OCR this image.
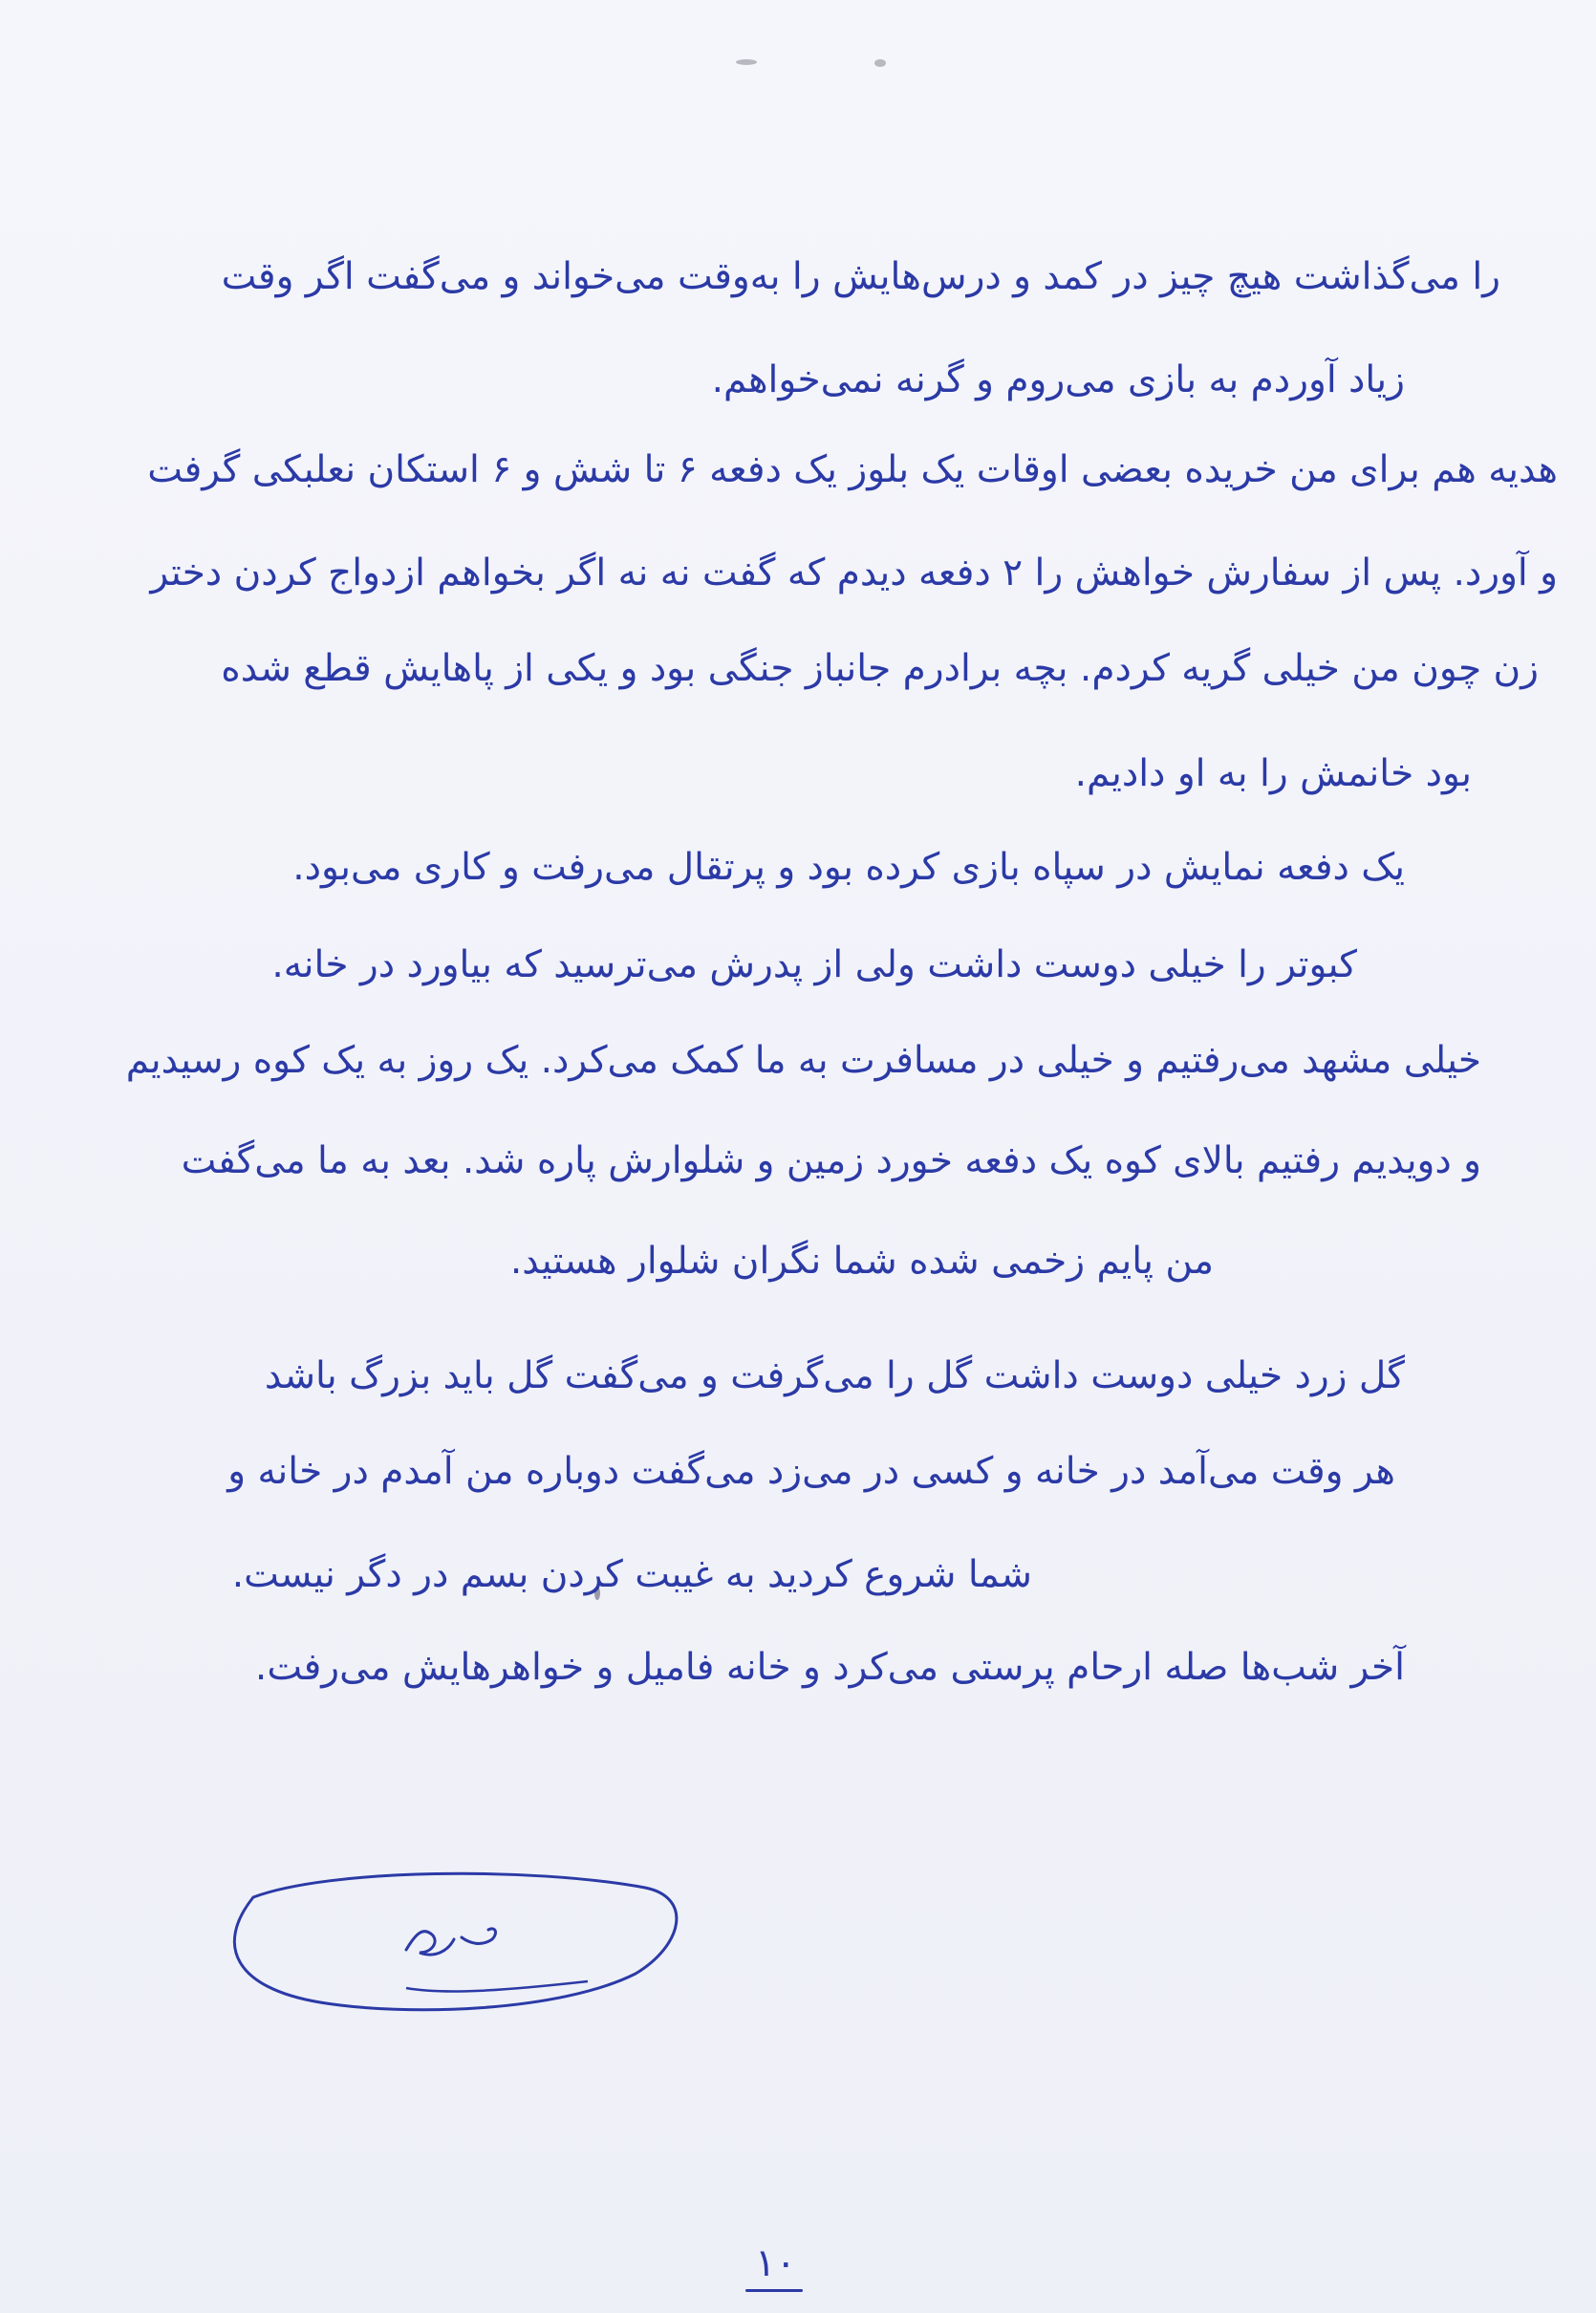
را می‌گذاشت هیچ چیز در کمد و درس‌هایش را به‌وقت می‌خواند و می‌گفت اگر وقت
زیاد آوردم به بازی می‌روم و گرنه نمی‌خواهم.
هدیه هم برای من خریده بعضی اوقات یک بلوز یک دفعه ۶ تا شش و ۶ استکان نعلبکی گرفت
و آورد. پس از سفارش خواهش را ۲ دفعه دیدم که گفت نه نه اگر بخواهم ازدواج کردن دختر
زن چون من خیلی گریه کردم. بچه برادرم جانباز جنگی بود و یکی از پاهایش قطع شده
بود خانمش را به او دادیم.
یک دفعه نمایش در سپاه بازی کرده بود و پرتقال می‌رفت و کاری می‌بود.
کبوتر را خیلی دوست داشت ولی از پدرش می‌ترسید که بیاورد در خانه.
خیلی مشهد می‌رفتیم و خیلی در مسافرت به ما کمک می‌کرد. یک روز به یک کوه رسیدیم
و دویدیم رفتیم بالای کوه یک دفعه خورد زمین و شلوارش پاره شد. بعد به ما می‌گفت
من پایم زخمی شده شما نگران شلوار هستید.
گل زرد خیلی دوست داشت گل را می‌گرفت و می‌گفت گل باید بزرگ باشد
هر وقت می‌آمد در خانه و کسی در می‌زد می‌گفت دوباره من آمدم در خانه و
شما شروع کردید به غیبت کردن بسم در دگر نیست.
آخر شب‌ها صله ارحام پرستی می‌کرد و خانه فامیل و خواهرهایش می‌رفت.
۱۰
